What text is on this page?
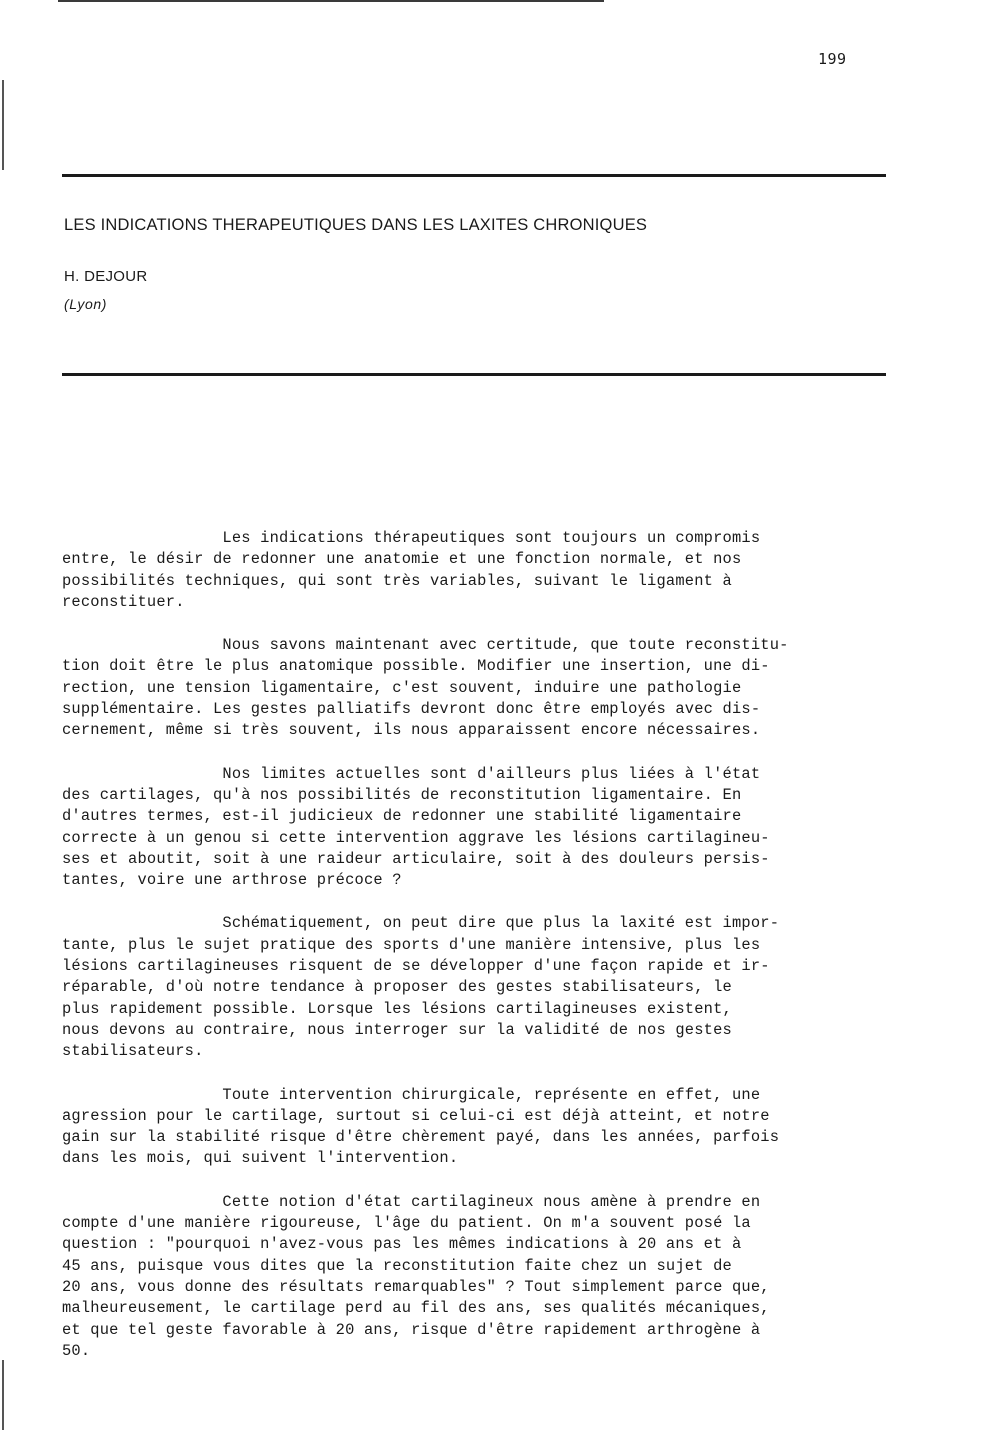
199
LES INDICATIONS THERAPEUTIQUES DANS LES LAXITES CHRONIQUES
H. DEJOUR
(Lyon)
Les indications thérapeutiques sont toujours un compromis
entre, le désir de redonner une anatomie et une fonction normale, et nos
possibilités techniques, qui sont très variables, suivant le ligament à
reconstituer.
Nous savons maintenant avec certitude, que toute reconstitu-
tion doit être le plus anatomique possible. Modifier une insertion, une di-
rection, une tension ligamentaire, c'est souvent, induire une pathologie
supplémentaire. Les gestes palliatifs devront donc être employés avec dis-
cernement, même si très souvent, ils nous apparaissent encore nécessaires.
Nos limites actuelles sont d'ailleurs plus liées à l'état
des cartilages, qu'à nos possibilités de reconstitution ligamentaire. En
d'autres termes, est-il judicieux de redonner une stabilité ligamentaire
correcte à un genou si cette intervention aggrave les lésions cartilagineu-
ses et aboutit, soit à une raideur articulaire, soit à des douleurs persis-
tantes, voire une arthrose précoce ?
Schématiquement, on peut dire que plus la laxité est impor-
tante, plus le sujet pratique des sports d'une manière intensive, plus les
lésions cartilagineuses risquent de se développer d'une façon rapide et ir-
réparable, d'où notre tendance à proposer des gestes stabilisateurs, le
plus rapidement possible. Lorsque les lésions cartilagineuses existent,
nous devons au contraire, nous interroger sur la validité de nos gestes
stabilisateurs.
Toute intervention chirurgicale, représente en effet, une
agression pour le cartilage, surtout si celui-ci est déjà atteint, et notre
gain sur la stabilité risque d'être chèrement payé, dans les années, parfois
dans les mois, qui suivent l'intervention.
Cette notion d'état cartilagineux nous amène à prendre en
compte d'une manière rigoureuse, l'âge du patient. On m'a souvent posé la
question : "pourquoi n'avez-vous pas les mêmes indications à 20 ans et à
45 ans, puisque vous dites que la reconstitution faite chez un sujet de
20 ans, vous donne des résultats remarquables" ? Tout simplement parce que,
malheureusement, le cartilage perd au fil des ans, ses qualités mécaniques,
et que tel geste favorable à 20 ans, risque d'être rapidement arthrogène à
50.
